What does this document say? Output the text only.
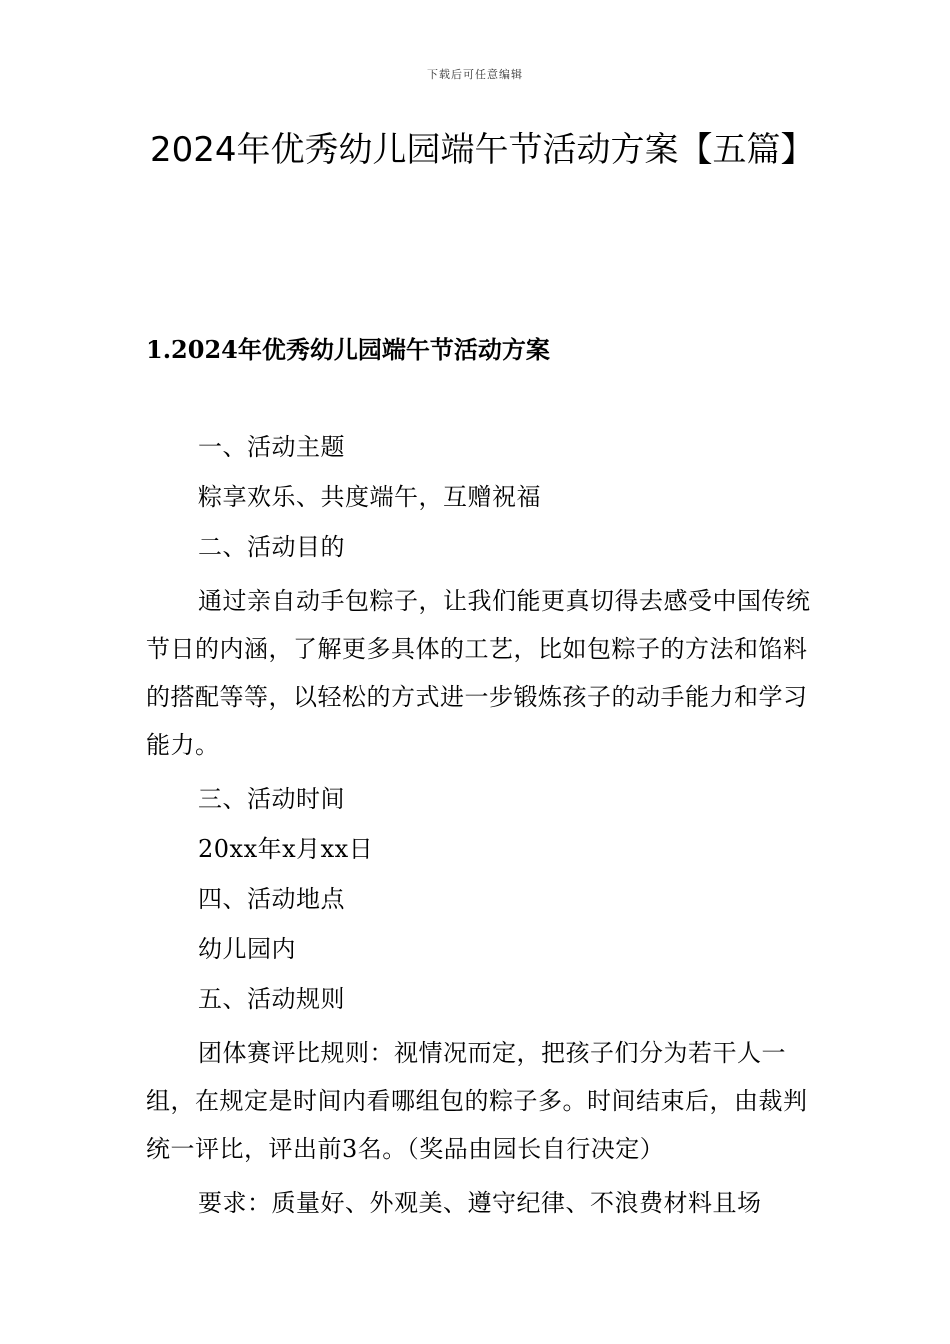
下载后可任意编辑
2024年优秀幼儿园端午节活动方案【五篇】
1.2024年优秀幼儿园端午节活动方案

一、活动主题

粽享欢乐、共度端午，互赠祝福

二、活动目的

通过亲自动手包粽子，让我们能更真切得去感受中国传统节日的内涵，了解更多具体的工艺，比如包粽子的方法和馅料的搭配等等，以轻松的方式进一步锻炼孩子的动手能力和学习能力。

三、活动时间

20xx年x月xx日

四、活动地点

幼儿园内

五、活动规则

团体赛评比规则：视情况而定，把孩子们分为若干人一组，在规定是时间内看哪组包的粽子多。时间结束后，由裁判统一评比，评出前3名。（奖品由园长自行决定）

要求：质量好、外观美、遵守纪律、不浪费材料且场
